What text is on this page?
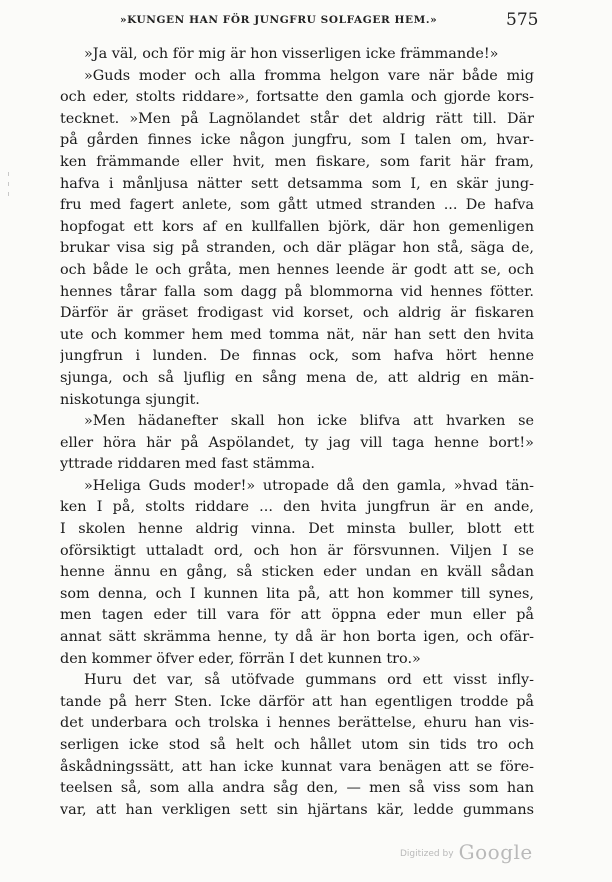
»KUNGEN HAN FÖR JUNGFRU SOLFAGER HEM.»	575
»Ja väl, och för mig är hon visserligen icke främmande!»
»Guds moder och alla fromma helgon vare när både mig
och eder, stolts riddare», fortsatte den gamla och gjorde kors-
tecknet. »Men på Lagnölandet står det aldrig rätt till. Där
på gården finnes icke någon jungfru, som I talen om, hvar-
ken främmande eller hvit, men fiskare, som farit här fram,
hafva i månljusa nätter sett detsamma som I, en skär jung-
fru med fagert anlete, som gått utmed stranden ... De hafva
hopfogat ett kors af en kullfallen björk, där hon gemenligen
brukar visa sig på stranden, och där plägar hon stå, säga de,
och både le och gråta, men hennes leende är godt att se, och
hennes tårar falla som dagg på blommorna vid hennes fötter.
Därför är gräset frodigast vid korset, och aldrig är fiskaren
ute och kommer hem med tomma nät, när han sett den hvita
jungfrun i lunden. De finnas ock, som hafva hört henne
sjunga, och så ljuflig en sång mena de, att aldrig en män-
niskotunga sjungit.
»Men hädanefter skall hon icke blifva att hvarken se
eller höra här på Aspölandet, ty jag vill taga henne bort!»
yttrade riddaren med fast stämma.
»Heliga Guds moder!» utropade då den gamla, »hvad tän-
ken I på, stolts riddare ... den hvita jungfrun är en ande,
I skolen henne aldrig vinna. Det minsta buller, blott ett
oförsiktigt uttaladt ord, och hon är försvunnen. Viljen I se
henne ännu en gång, så sticken eder undan en kväll sådan
som denna, och I kunnen lita på, att hon kommer till synes,
men tagen eder till vara för att öppna eder mun eller på
annat sätt skrämma henne, ty då är hon borta igen, och ofär-
den kommer öfver eder, förrän I det kunnen tro.»
Huru det var, så utöfvade gummans ord ett visst infly-
tande på herr Sten. Icke därför att han egentligen trodde på
det underbara och trolska i hennes berättelse, ehuru han vis-
serligen icke stod så helt och hållet utom sin tids tro och
åskådningssätt, att han icke kunnat vara benägen att se före-
teelsen så, som alla andra såg den, — men så viss som han
var, att han verkligen sett sin hjärtans kär, ledde gummans
Digitized by Google
